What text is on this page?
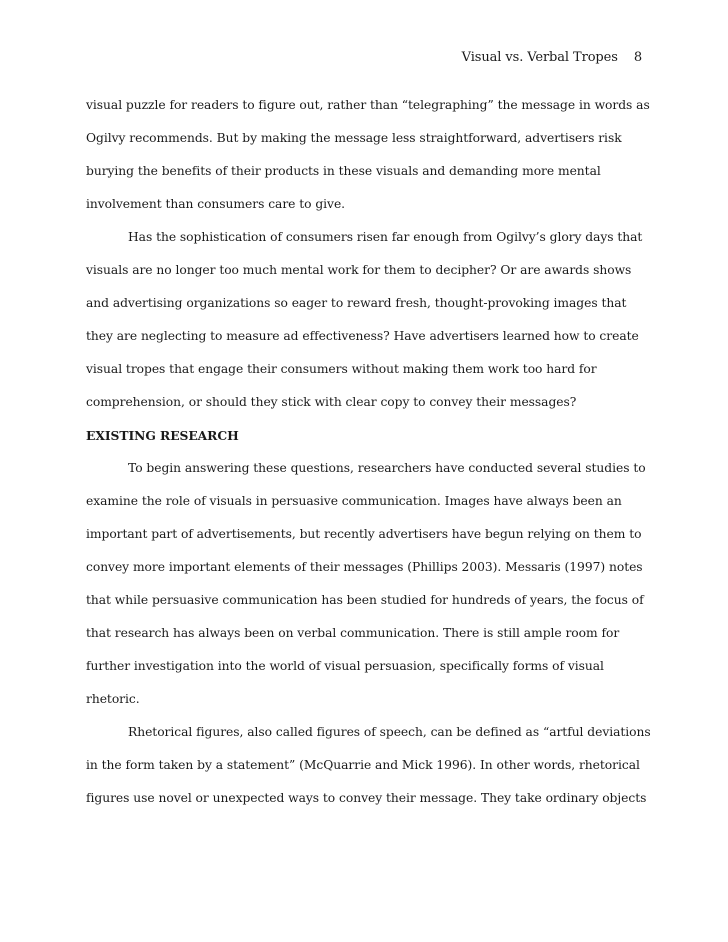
Visual vs. Verbal Tropes 8
visual puzzle for readers to figure out, rather than “telegraphing” the message in words as
Ogilvy recommends. But by making the message less straightforward, advertisers risk
burying the benefits of their products in these visuals and demanding more mental
involvement than consumers care to give.
Has the sophistication of consumers risen far enough from Ogilvy’s glory days that
visuals are no longer too much mental work for them to decipher? Or are awards shows
and advertising organizations so eager to reward fresh, thought-provoking images that
they are neglecting to measure ad effectiveness? Have advertisers learned how to create
visual tropes that engage their consumers without making them work too hard for
comprehension, or should they stick with clear copy to convey their messages?
EXISTING RESEARCH
To begin answering these questions, researchers have conducted several studies to
examine the role of visuals in persuasive communication. Images have always been an
important part of advertisements, but recently advertisers have begun relying on them to
convey more important elements of their messages (Phillips 2003). Messaris (1997) notes
that while persuasive communication has been studied for hundreds of years, the focus of
that research has always been on verbal communication. There is still ample room for
further investigation into the world of visual persuasion, specifically forms of visual
rhetoric.
Rhetorical figures, also called figures of speech, can be defined as “artful deviations
in the form taken by a statement” (McQuarrie and Mick 1996). In other words, rhetorical
figures use novel or unexpected ways to convey their message. They take ordinary objects
